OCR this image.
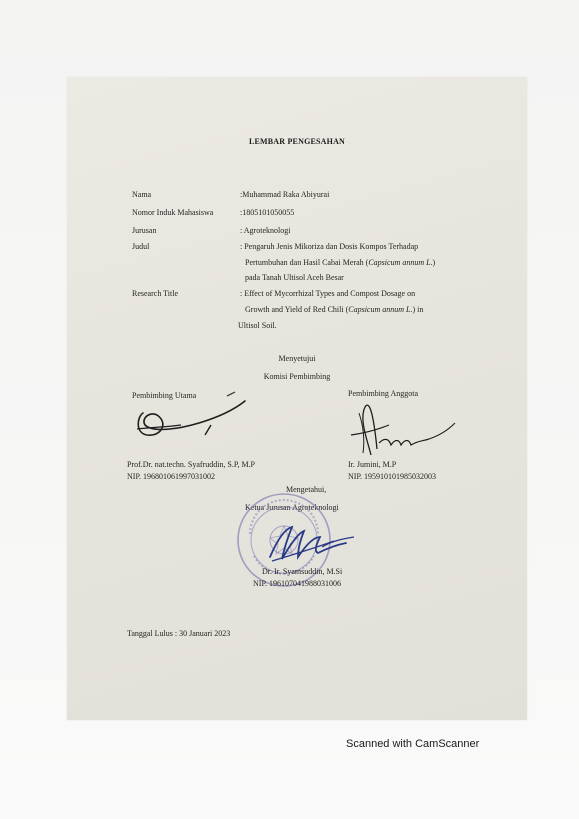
LEMBAR PENGESAHAN
Nama	:Muhammad Raka Abiyurai
Nomor Induk Mahasiswa	:1805101050055
Jurusan	: Agroteknologi
Judul	: Pengaruh Jenis Mikoriza dan Dosis Kompos Terhadap
Pertumbuhan dan Hasil Cabai Merah (Capsicum annum L.)
pada Tanah Ultisol Aceh Besar
Research Title	: Effect of Mycorrhizal Types and Compost Dosage on
Growth and Yield of Red Chili (Capsicum annum L.) in
Ultisol Soil.
Menyetujui
Komisi Pembimbing
Pembimbing Utama	Pembimbing Anggota
Prof.Dr. nat.techn. Syafruddin, S.P, M.P
NIP. 196801061997031002
Ir. Jumini, M.P
NIP. 195910101985032003
Mengetahui,
Ketua Jurusan Agroteknologi
Dr. Ir. Syamsuddin, M.Si
NIP. 196107041988031006
Tanggal Lulus : 30 Januari 2023
Scanned with CamScanner
